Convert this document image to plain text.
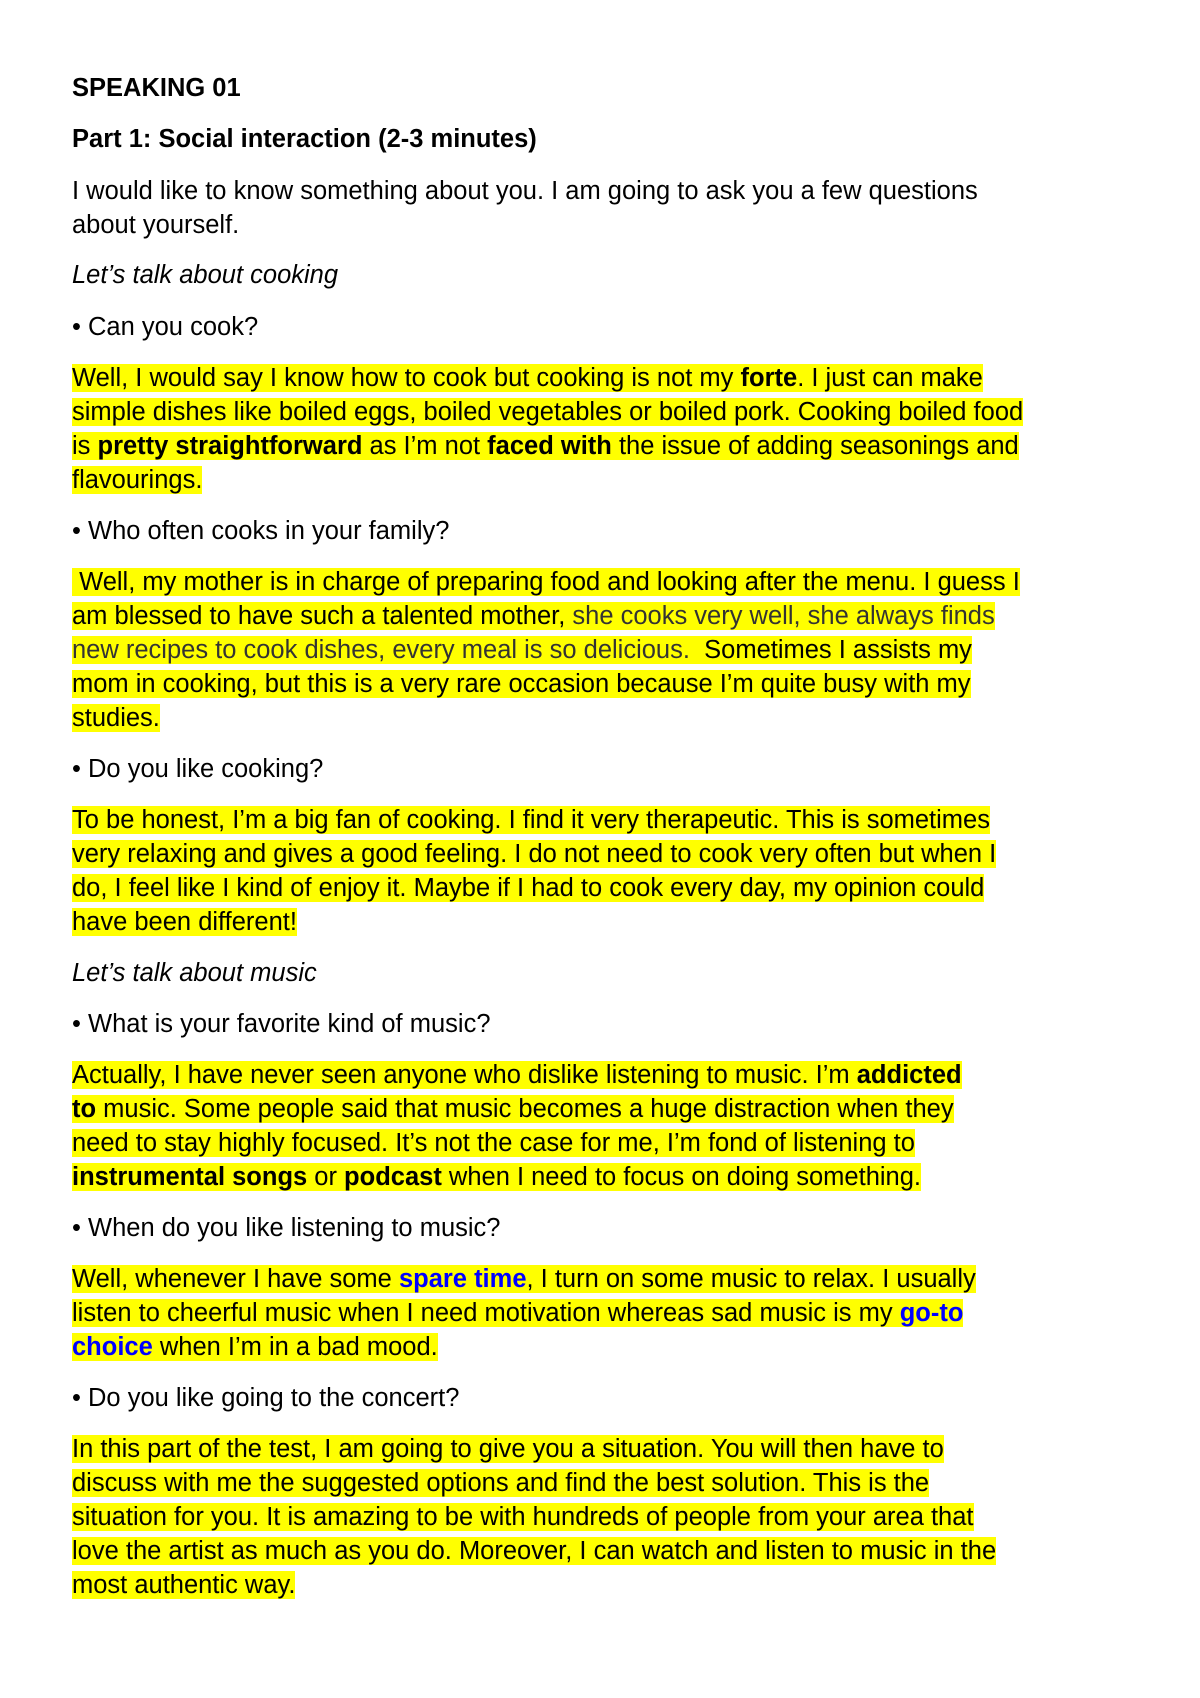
SPEAKING 01
Part 1: Social interaction (2-3 minutes)
I would like to know something about you. I am going to ask you a few questions
about yourself.
Let’s talk about cooking
• Can you cook?
Well, I would say I know how to cook but cooking is not my forte. I just can make
simple dishes like boiled eggs, boiled vegetables or boiled pork. Cooking boiled food
is pretty straightforward as I’m not faced with the issue of adding seasonings and
flavourings.
• Who often cooks in your family?
Well, my mother is in charge of preparing food and looking after the menu. I guess I
am blessed to have such a talented mother, she cooks very well, she always finds
new recipes to cook dishes, every meal is so delicious.  Sometimes I assists my
mom in cooking, but this is a very rare occasion because I’m quite busy with my
studies.
• Do you like cooking?
To be honest, I’m a big fan of cooking. I find it very therapeutic. This is sometimes
very relaxing and gives a good feeling. I do not need to cook very often but when I
do, I feel like I kind of enjoy it. Maybe if I had to cook every day, my opinion could
have been different!
Let’s talk about music
• What is your favorite kind of music?
Actually, I have never seen anyone who dislike listening to music. I’m addicted
to music. Some people said that music becomes a huge distraction when they
need to stay highly focused. It’s not the case for me, I’m fond of listening to
instrumental songs or podcast when I need to focus on doing something.
• When do you like listening to music?
Well, whenever I have some spare time, I turn on some music to relax. I usually
listen to cheerful music when I need motivation whereas sad music is my go-to
choice when I’m in a bad mood.
• Do you like going to the concert?
In this part of the test, I am going to give you a situation. You will then have to
discuss with me the suggested options and find the best solution. This is the
situation for you. It is amazing to be with hundreds of people from your area that
love the artist as much as you do. Moreover, I can watch and listen to music in the
most authentic way.
